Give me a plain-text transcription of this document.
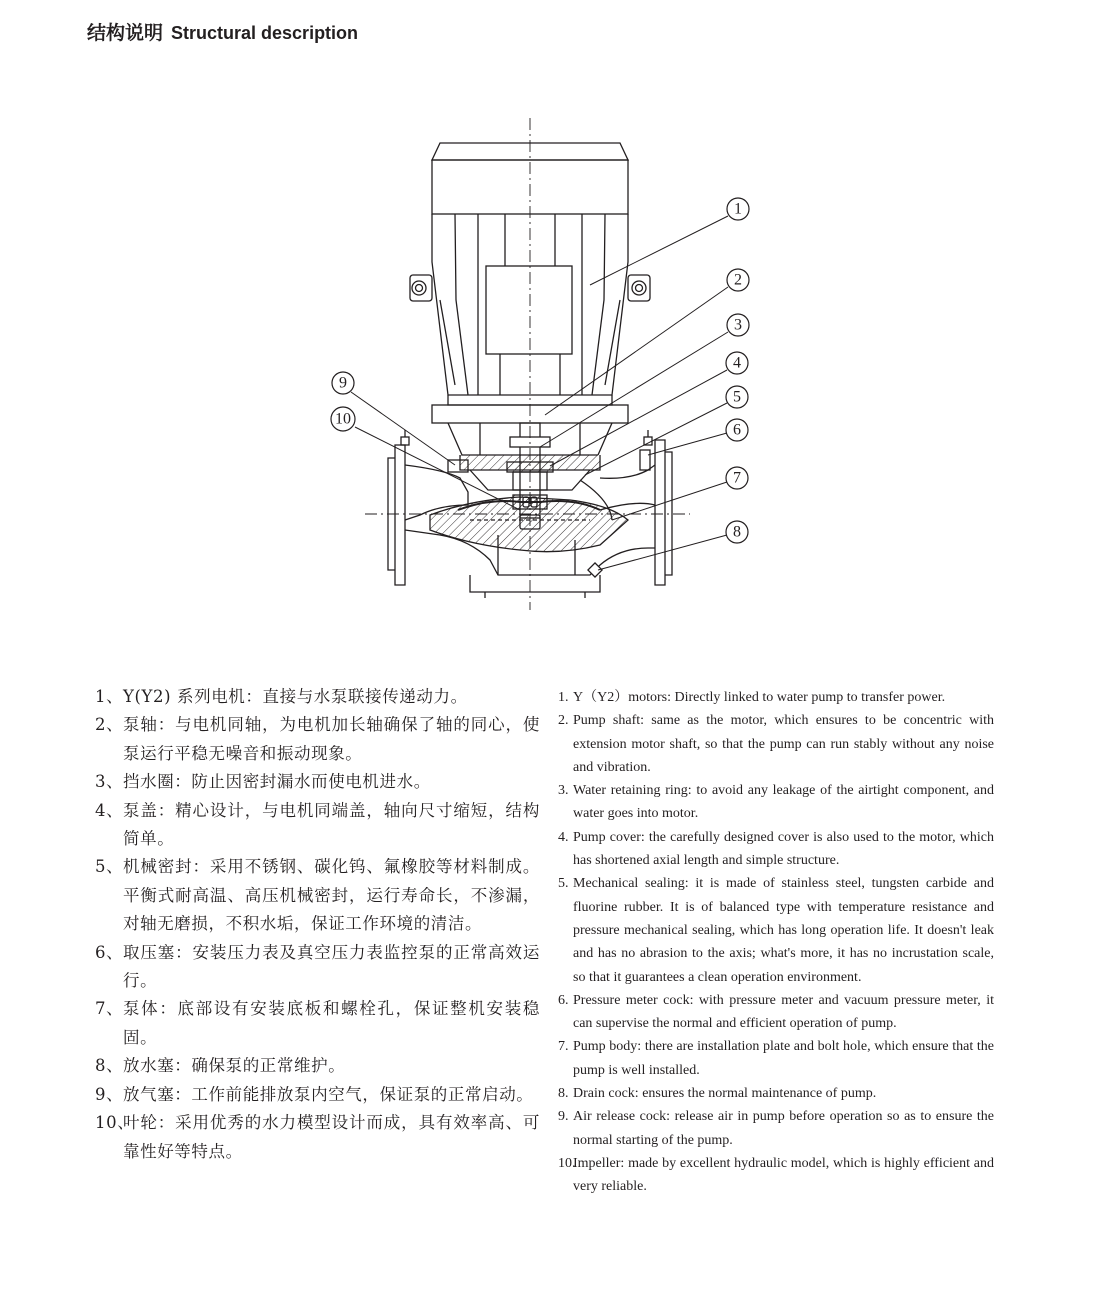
结构说明 Structural description
1
2
3
4
5
6
7
8
9
10
1、 Y(Y2) 系列电机：直接与水泵联接传递动力。
2、 泵轴：与电机同轴，为电机加长轴确保了轴的同心，使泵运行平稳无噪音和振动现象。
3、 挡水圈：防止因密封漏水而使电机进水。
4、 泵盖：精心设计，与电机同端盖，轴向尺寸缩短，结构简单。
5、 机械密封：采用不锈钢、碳化钨、氟橡胶等材料制成。平衡式耐高温、高压机械密封，运行寿命长，不渗漏，对轴无磨损，不积水垢，保证工作环境的清洁。
6、 取压塞：安装压力表及真空压力表监控泵的正常高效运行。
7、 泵体：底部设有安装底板和螺栓孔，保证整机安装稳固。
8、 放水塞：确保泵的正常维护。
9、 放气塞：工作前能排放泵内空气，保证泵的正常启动。
10、
叶轮：采用优秀的水力模型设计而成，具有效率高、可靠性好等特点。
1. Y（Y2）motors: Directly linked to water pump to transfer power.
2. Pump shaft: same as the motor, which ensures to be concentric with extension motor shaft, so that the pump can run stably without any noise and vibration.
3. Water retaining ring: to avoid any leakage of the airtight component, and water goes into motor.
4. Pump cover: the carefully designed cover is also used to the motor, which has shortened axial length and simple structure.
5. Mechanical sealing: it is made of stainless steel, tungsten carbide and fluorine rubber. It is of balanced type with temperature resistance and pressure mechanical sealing, which has long operation life. It doesn't leak and has no abrasion to the axis; what's more, it has no incrustation scale, so that it guarantees a clean operation environment.
6. Pressure meter cock: with pressure meter and vacuum pressure meter, it can supervise the normal and efficient operation of pump.
7. Pump body: there are installation plate and bolt hole, which ensure that the pump is well installed.
8. Drain cock: ensures the normal maintenance of pump.
9. Air release cock: release air in pump before operation so as to ensure the normal starting of the pump.
10.
Impeller: made by excellent hydraulic model, which is highly efficient and very reliable.
